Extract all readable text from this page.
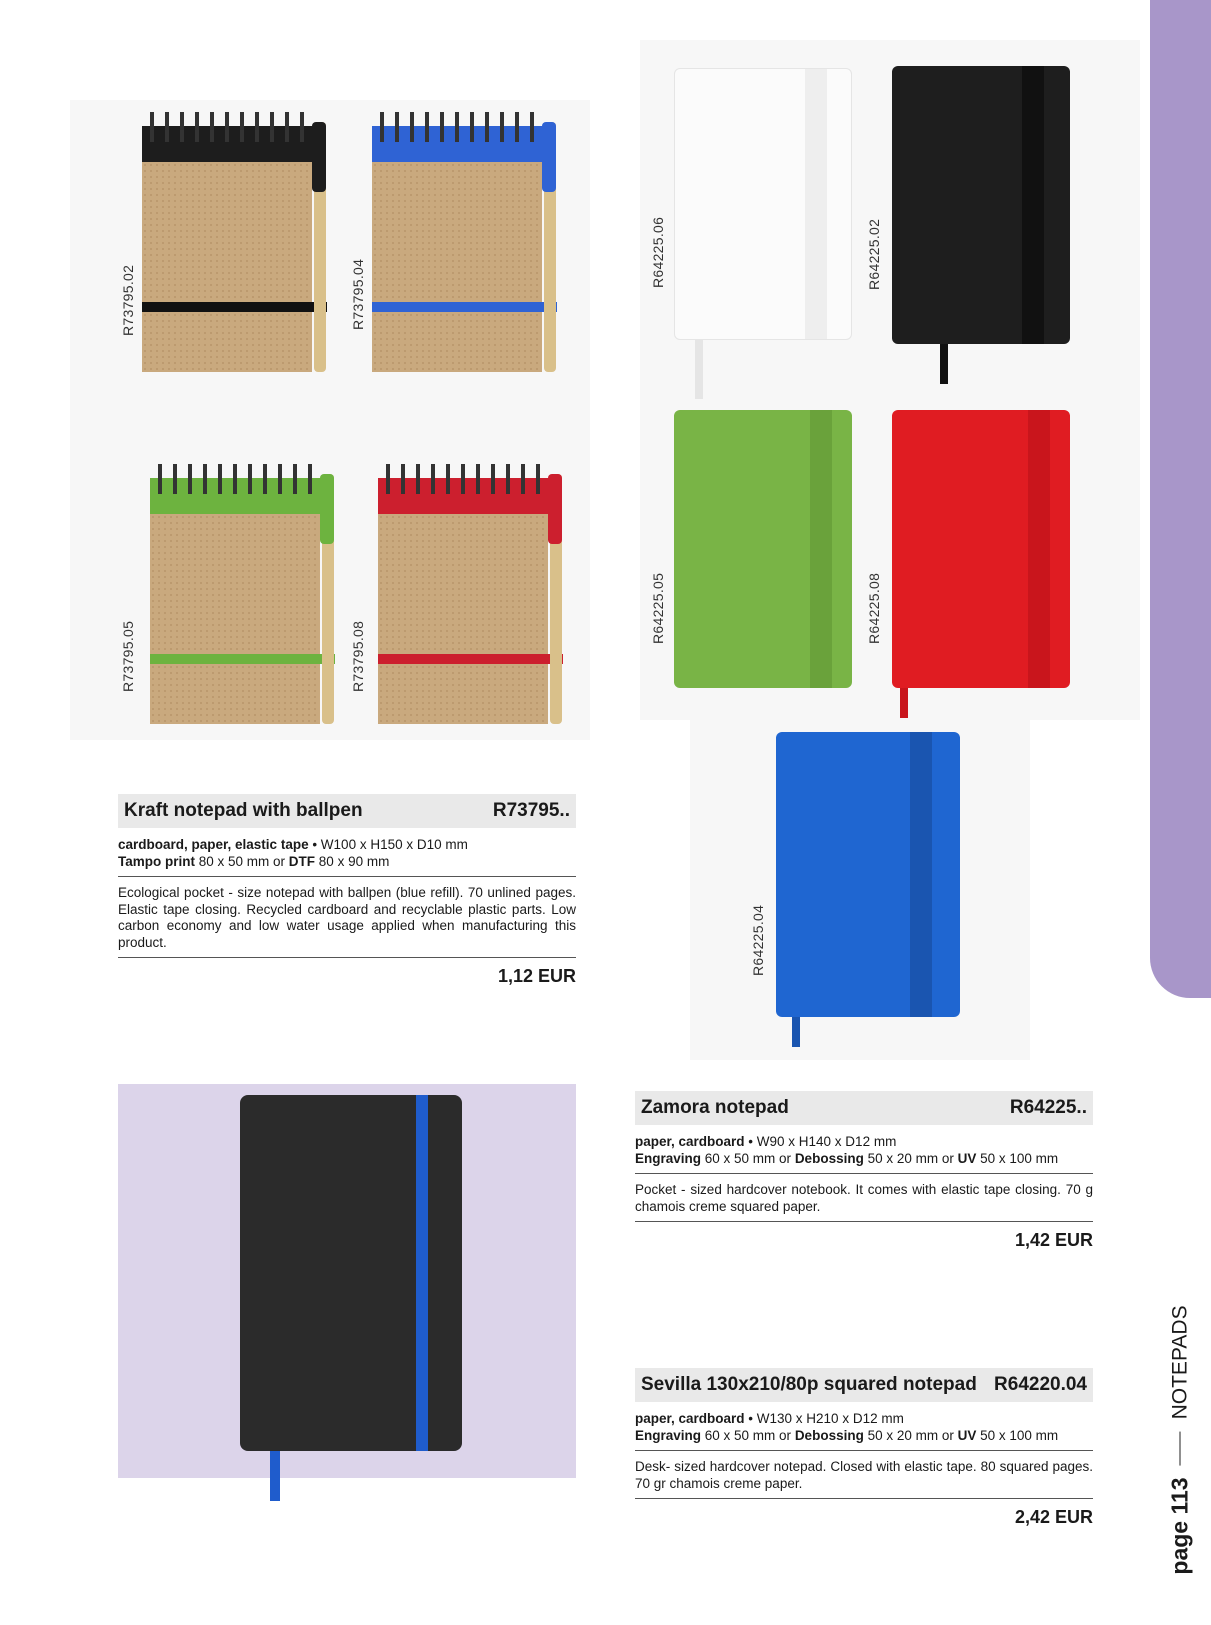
page 113
NOTEPADS
R73795.02	R73795.04
R73795.05	R73795.08
R64225.06	R64225.02
R64225.05	R64225.08
R64225.04
Kraft notepad with ballpen	R73795..
cardboard, paper, elastic tape • W100 x H150 x D10 mm
Tampo print 80 x 50 mm or DTF 80 x 90 mm
Ecological pocket - size notepad with ballpen (blue refill). 70 unlined pages. Elastic tape closing. Recycled cardboard and recyclable plastic parts. Low carbon economy and low water usage applied when manufacturing this product.
1,12 EUR
Zamora notepad	R64225..
paper, cardboard • W90 x H140 x D12 mm
Engraving 60 x 50 mm or Debossing 50 x 20 mm or UV 50 x 100 mm
Pocket - sized hardcover notebook. It comes with elastic tape closing. 70 g chamois creme squared paper.
1,42 EUR
Sevilla 130x210/80p squared notepad R64220.04
paper, cardboard • W130 x H210 x D12 mm
Engraving 60 x 50 mm or Debossing 50 x 20 mm or UV 50 x 100 mm
Desk- sized hardcover notepad. Closed with elastic tape. 80 squared pages. 70 gr chamois creme paper.
2,42 EUR
